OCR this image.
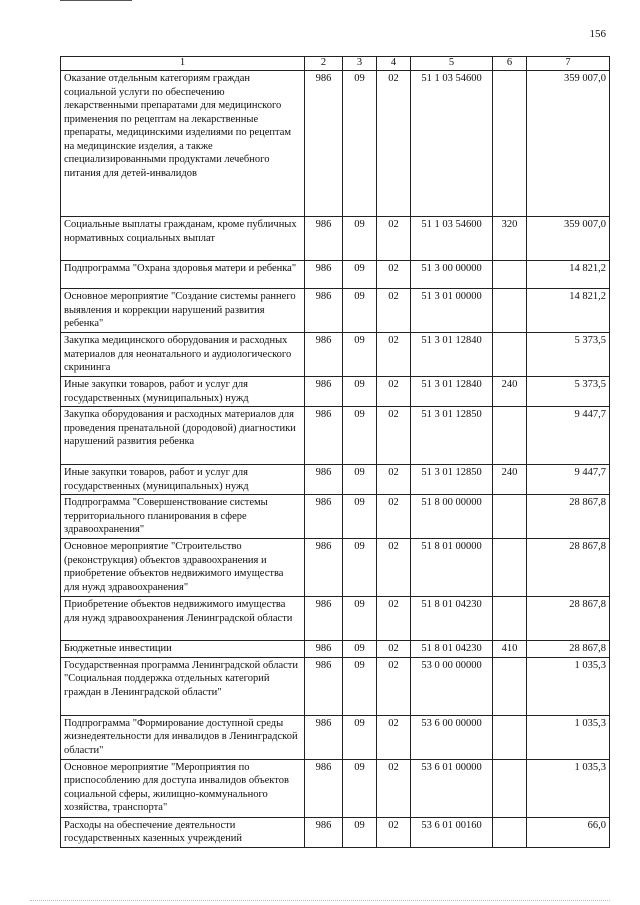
156
1	2	3	4	5	6	7
Оказание отдельным категориям граждан социальной услуги по обеспечению лекарственными препаратами для медицинского применения по рецептам на лекарственные препараты, медицинскими изделиями по рецептам на медицинские изделия, а также специализированными продуктами лечебного питания для детей-инвалидов	986	09	02	51 1 03 54600		359 007,0
Социальные выплаты гражданам, кроме публичных нормативных социальных выплат	986	09	02	51 1 03 54600	320	359 007,0
Подпрограмма "Охрана здоровья матери и ребенка"	986	09	02	51 3 00 00000		14 821,2
Основное мероприятие "Создание системы раннего выявления и коррекции нарушений развития ребенка"	986	09	02	51 3 01 00000		14 821,2
Закупка медицинского оборудования и расходных материалов для неонатального и аудиологического скрининга	986	09	02	51 3 01 12840		5 373,5
Иные закупки товаров, работ и услуг для государственных (муниципальных) нужд	986	09	02	51 3 01 12840	240	5 373,5
Закупка оборудования и расходных материалов для проведения пренатальной (дородовой) диагностики нарушений развития ребенка	986	09	02	51 3 01 12850		9 447,7
Иные закупки товаров, работ и услуг для государственных (муниципальных) нужд	986	09	02	51 3 01 12850	240	9 447,7
Подпрограмма "Совершенствование системы территориального планирования в сфере здравоохранения"	986	09	02	51 8 00 00000		28 867,8
Основное мероприятие "Строительство (реконструкция) объектов здравоохранения и приобретение объектов недвижимого имущества для нужд здравоохранения"	986	09	02	51 8 01 00000		28 867,8
Приобретение объектов недвижимого имущества для нужд здравоохранения Ленинградской области	986	09	02	51 8 01 04230		28 867,8
Бюджетные инвестиции	986	09	02	51 8 01 04230	410	28 867,8
Государственная программа Ленинградской области "Социальная поддержка отдельных категорий граждан в Ленинградской области"	986	09	02	53 0 00 00000		1 035,3
Подпрограмма "Формирование доступной среды жизнедеятельности для инвалидов в Ленинградской области"	986	09	02	53 6 00 00000		1 035,3
Основное мероприятие "Мероприятия по приспособлению для доступа инвалидов объектов социальной сферы, жилищно-коммунального хозяйства, транспорта"	986	09	02	53 6 01 00000		1 035,3
Расходы на обеспечение деятельности государственных казенных учреждений	986	09	02	53 6 01 00160		66,0
